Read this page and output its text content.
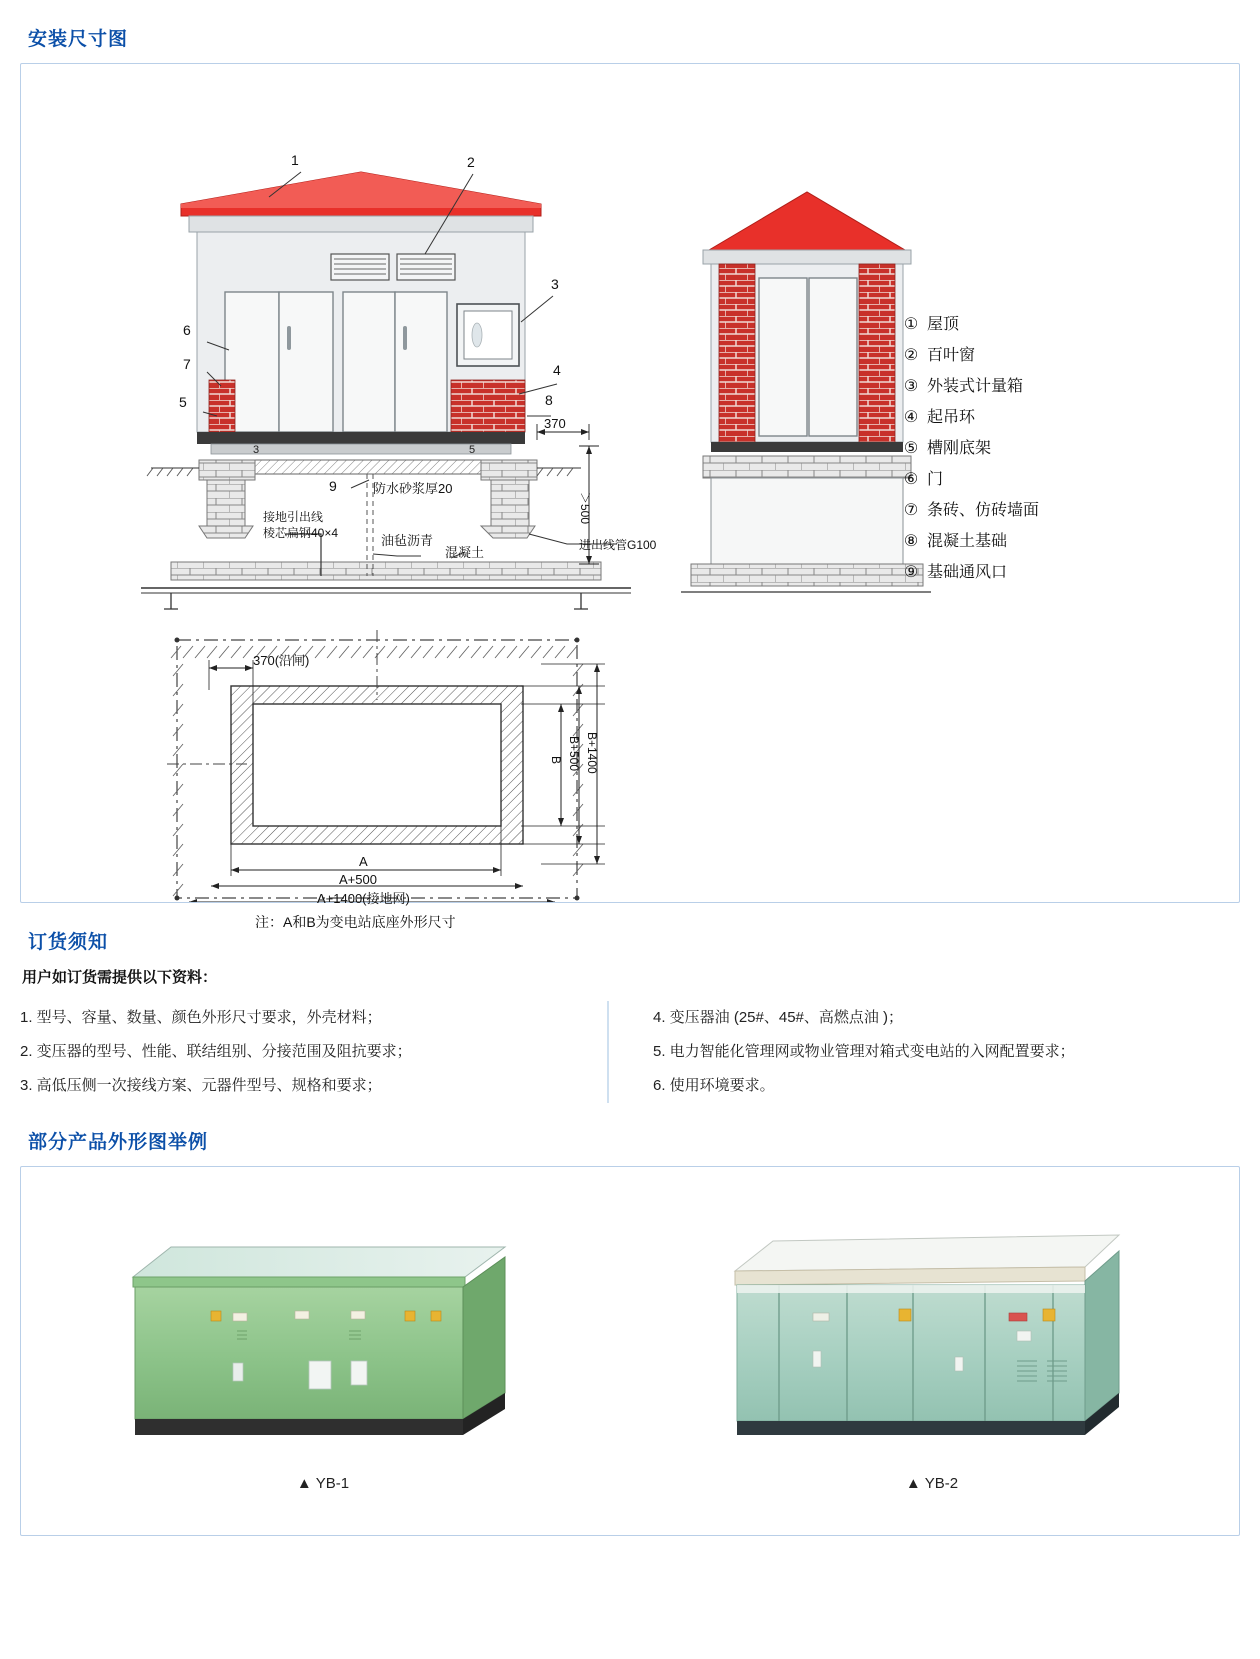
安装尺寸图
3	5
1	2
3
4
5
6
7
8
9
370
＞500
防水砂浆厚20
接地引出线
棱芯扁钢40×4	油毡沥青
混凝土	进出线管G100
370(沿闸)
A
A+500
A+1400(接地网)
B B+500 B+1400
注：A和B为变电站底座外形尺寸
① 屋顶
② 百叶窗
③ 外装式计量箱
④ 起吊环
⑤ 槽刚底架
⑥ 门
⑦ 条砖、仿砖墙面
⑧ 混凝土基础
⑨ 基础通风口
订货须知
用户如订货需提供以下资料：
1. 型号、容量、数量、颜色外形尺寸要求，外壳材料；
2. 变压器的型号、性能、联结组别、分接范围及阻抗要求；
3. 高低压侧一次接线方案、元器件型号、规格和要求；
4. 变压器油 (25#、45#、高燃点油 )；
5. 电力智能化管理网或物业管理对箱式变电站的入网配置要求；
6. 使用环境要求。
部分产品外形图举例
▲ YB-1	▲ YB-2
